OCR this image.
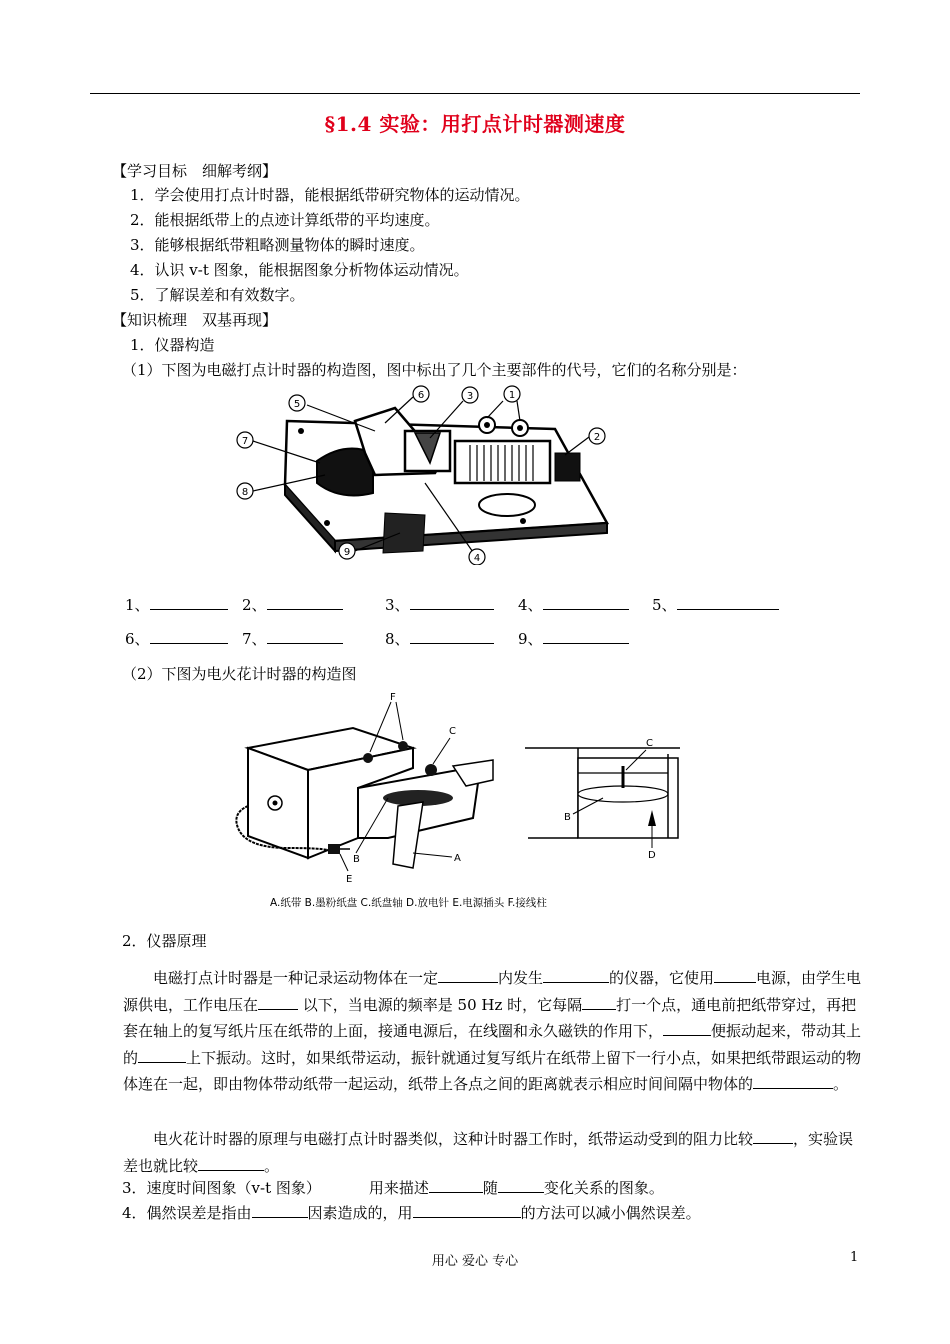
§1.4 实验：用打点计时器测速度
【学习目标　细解考纲】
1．学会使用打点计时器，能根据纸带研究物体的运动情况。
2．能根据纸带上的点迹计算纸带的平均速度。
3．能够根据纸带粗略测量物体的瞬时速度。
4．认识 v-t 图象，能根据图象分析物体运动情况。
5．了解误差和有效数字。
【知识梳理　双基再现】
1．仪器构造
（1）下图为电磁打点计时器的构造图，图中标出了几个主要部件的代号，它们的名称分别是：
1
2
3
4
5
6
7
8
9
1、	2、	3、	4、	5、
6、	7、	8、	9、
（2）下图为电火花计时器的构造图
F
C
B	A
E
C
B
D
A.纸带 B.墨粉纸盘 C.纸盘轴 D.放电针 E.电源插头 F.接线柱
2．仪器原理

电磁打点计时器是一种记录运动物体在一定	内发生	的仪器，它使用	电源，由学生电源供电，工作电压在	以下，当电源的频率是 50 Hz 时，它每隔 打一个点，通电前把纸带穿过，再把套在轴上的复写纸片压在纸带的上面，接通电源后，在线圈和永久磁铁的作用下，	便振动起来，带动其上的	上下振动。这时，如果纸带运动，振针就通过复写纸片在纸带上留下一行小点，如果把纸带跟运动的物体连在一起，即由物体带动纸带一起运动，纸带上各点之间的距离就表示相应时间间隔中物体的	。

电火花计时器的原理与电磁打点计时器类似，这种计时器工作时，纸带运动受到的阻力比较	，实验误差也就比较	。

3．速度时间图象（v-t 图象）	用来描述	随	变化关系的图象。
4．偶然误差是指由	因素造成的，用	的方法可以减小偶然误差。
用心 爱心 专心	1
